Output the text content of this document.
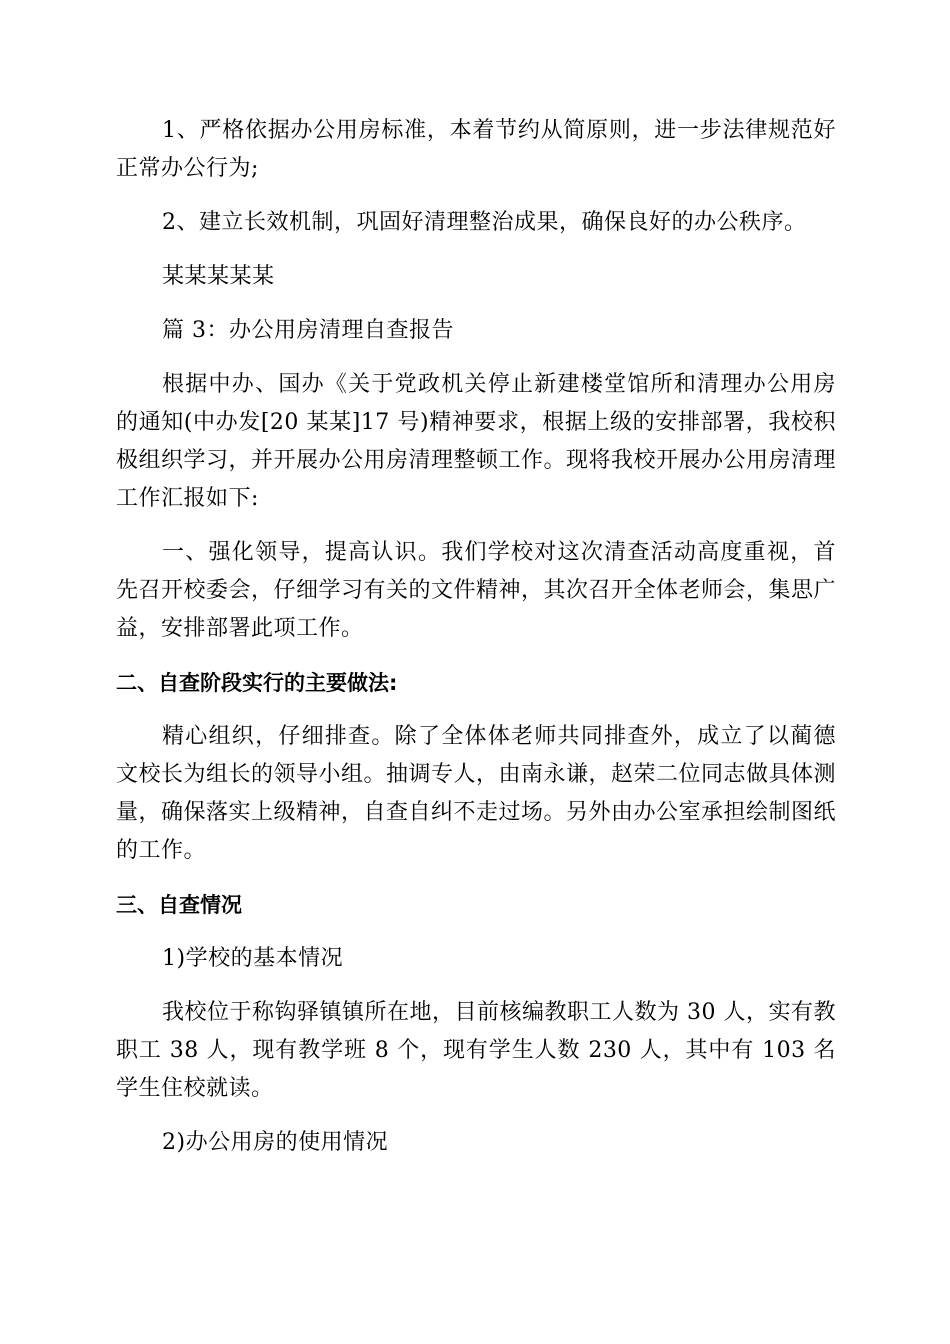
1、严格依据办公用房标准，本着节约从简原则，进一步法律规范好正常办公行为;

2、建立长效机制，巩固好清理整治成果，确保良好的办公秩序。

某某某某某

篇 3：办公用房清理自查报告

根据中办、国办《关于党政机关停止新建楼堂馆所和清理办公用房的通知(中办发[20 某某]17 号)精神要求，根据上级的安排部署，我校积极组织学习，并开展办公用房清理整顿工作。现将我校开展办公用房清理工作汇报如下:

一、强化领导，提高认识。我们学校对这次清查活动高度重视，首先召开校委会，仔细学习有关的文件精神，其次召开全体老师会，集思广益，安排部署此项工作。

二、自查阶段实行的主要做法:

精心组织，仔细排查。除了全体体老师共同排查外，成立了以蔺德文校长为组长的领导小组。抽调专人，由南永谦，赵荣二位同志做具体测量，确保落实上级精神，自查自纠不走过场。另外由办公室承担绘制图纸的工作。

三、自查情况

1)学校的基本情况

我校位于称钩驿镇镇所在地，目前核编教职工人数为 30 人，实有教职工 38 人，现有教学班 8 个，现有学生人数 230 人，其中有 103 名学生住校就读。

2)办公用房的使用情况
